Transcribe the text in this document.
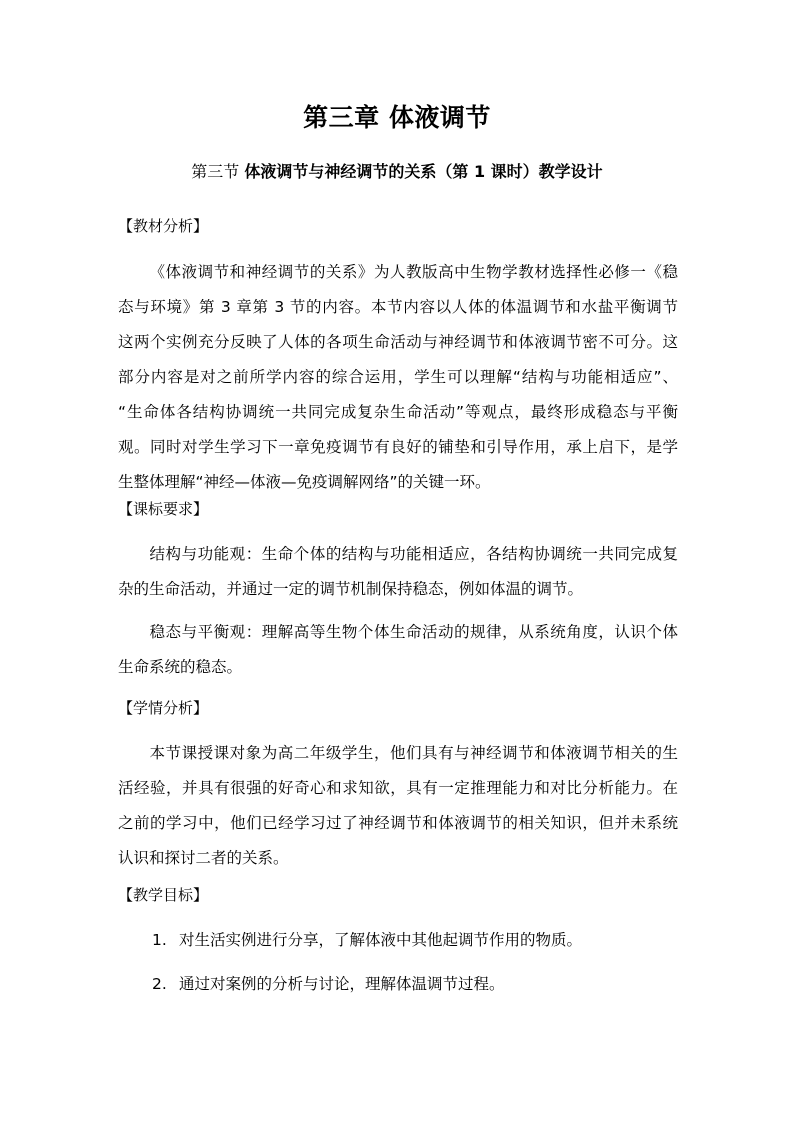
第三章 体液调节
第三节 体液调节与神经调节的关系（第 1 课时）教学设计
【教材分析】
《体液调节和神经调节的关系》为人教版高中生物学教材选择性必修一《稳
态与环境》第 3 章第 3 节的内容。本节内容以人体的体温调节和水盐平衡调节
这两个实例充分反映了人体的各项生命活动与神经调节和体液调节密不可分。这
部分内容是对之前所学内容的综合运用，学生可以理解“结构与功能相适应”、
“生命体各结构协调统一共同完成复杂生命活动”等观点，最终形成稳态与平衡
观。同时对学生学习下一章免疫调节有良好的铺垫和引导作用，承上启下，是学
生整体理解“神经—体液—免疫调解网络”的关键一环。
【课标要求】
结构与功能观：生命个体的结构与功能相适应，各结构协调统一共同完成复
杂的生命活动，并通过一定的调节机制保持稳态，例如体温的调节。
稳态与平衡观：理解高等生物个体生命活动的规律，从系统角度，认识个体
生命系统的稳态。
【学情分析】
本节课授课对象为高二年级学生，他们具有与神经调节和体液调节相关的生
活经验，并具有很强的好奇心和求知欲，具有一定推理能力和对比分析能力。在
之前的学习中，他们已经学习过了神经调节和体液调节的相关知识，但并未系统
认识和探讨二者的关系。
【教学目标】
1. 对生活实例进行分享，了解体液中其他起调节作用的物质。
2. 通过对案例的分析与讨论，理解体温调节过程。
